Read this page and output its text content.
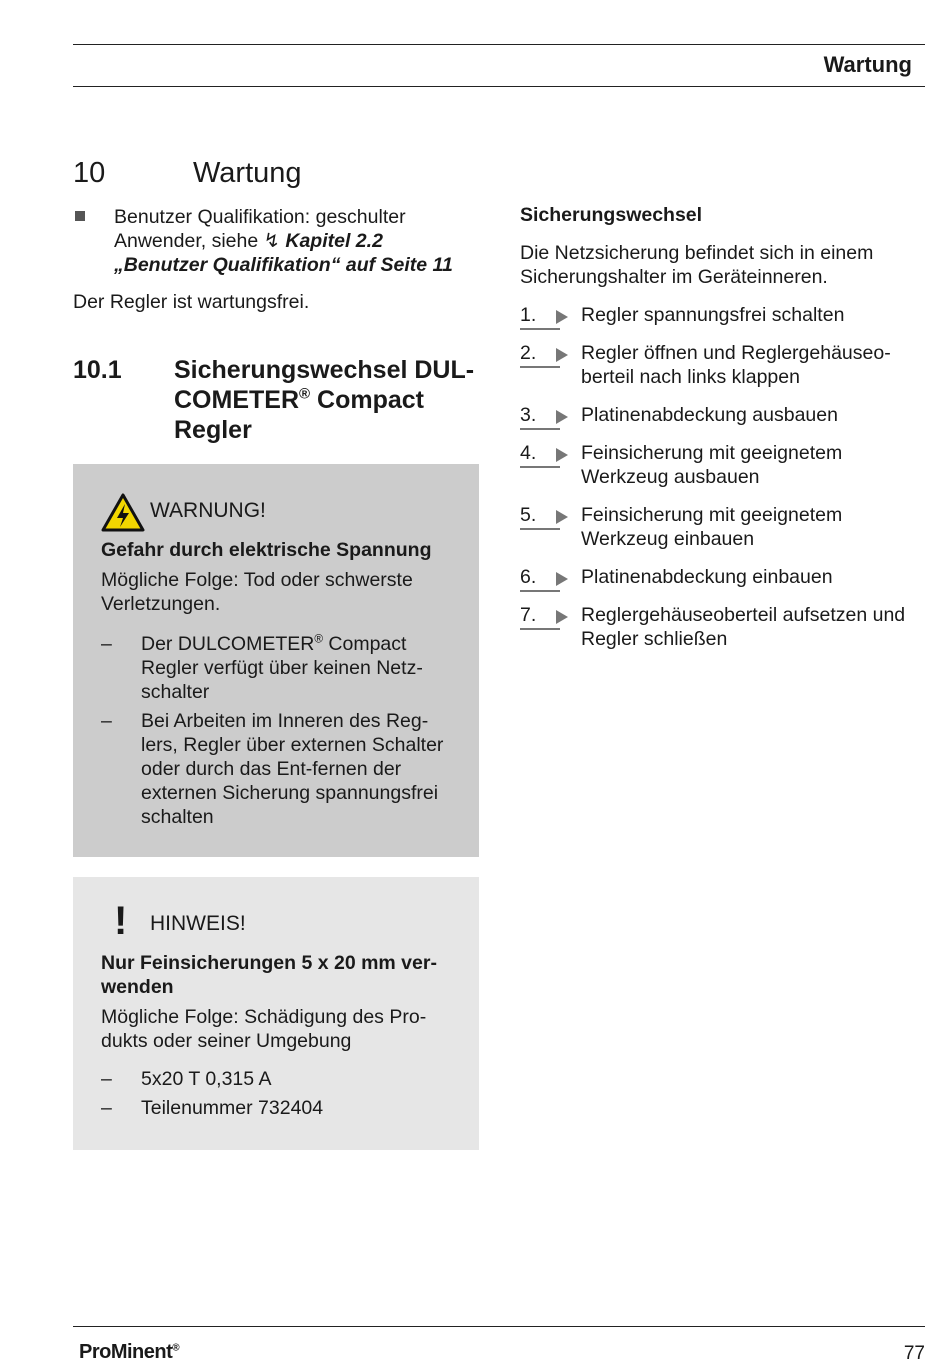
Wartung
10	Wartung
Benutzer Qualifikation: geschulter Anwender, siehe ↯ Kapitel 2.2 „Benutzer Qualifikation“ auf Seite 11
Der Regler ist wartungsfrei.
10.1 Sicherungswechsel DUL-COMETER® Compact Regler
WARNUNG!
Gefahr durch elektrische Spannung
Mögliche Folge: Tod oder schwerste Verletzungen.
– Der DULCOMETER® Compact Regler verfügt über keinen Netz-schalter
– Bei Arbeiten im Inneren des Reg-lers, Regler über externen Schalter oder durch das Ent-fernen der externen Sicherung spannungsfrei schalten
! HINWEIS!
Nur Feinsicherungen 5 x 20 mm ver-wenden
Mögliche Folge: Schädigung des Pro-dukts oder seiner Umgebung
– 5x20 T 0,315 A
– Teilenummer 732404
Sicherungswechsel
Die Netzsicherung befindet sich in einem Sicherungshalter im Geräteinneren.
1.	Regler spannungsfrei schalten
2.	Regler öffnen und Reglergehäuseo-berteil nach links klappen
3.	Platinenabdeckung ausbauen
4.	Feinsicherung mit geeignetem Werkzeug ausbauen
5.	Feinsicherung mit geeignetem Werkzeug einbauen
6.	Platinenabdeckung einbauen
7.	Reglergehäuseoberteil aufsetzen und Regler schließen
ProMinent®	77
